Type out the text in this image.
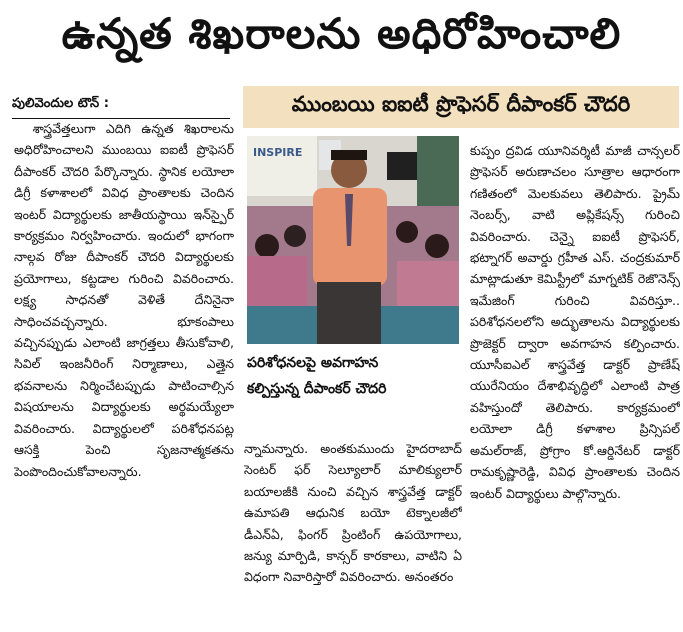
ఉన్నత శిఖరాలను అధిరోహించాలి
పులివెందుల టౌన్ :	ముంబయి ఐఐటీ ప్రొఫెసర్ దీపాంకర్ చౌదరి

శాస్త్రవేత్తలుగా ఎదిగి ఉన్నత శిఖరాలను అధిరోహించాలని ముంబయి ఐఐటీ ప్రొఫెసర్ దీపాంకర్ చౌదరి పేర్కొన్నారు. స్థానిక లయోలా డిగ్రీ కళాశాలలో వివిధ ప్రాంతాలకు చెందిన ఇంటర్ విద్యార్థులకు జాతీయస్థాయి ఇన్‌స్పైర్ కార్యక్రమం నిర్వహించారు. ఇందులో భాగంగా నాల్గవ రోజు దీపాంకర్ చౌదరి విద్యార్థులకు ప్రయోగాలు, కట్టడాల గురించి వివరించారు. లక్ష్య సాధనతో వెళితే దేనినైనా సాధించవచ్చన్నారు. భూకంపాలు వచ్చినప్పుడు ఎలాంటి జాగ్రత్తలు తీసుకోవాలి, సివిల్ ఇంజనీరింగ్ నిర్మాణాలు, ఎత్తైన భవనాలను నిర్మించేటప్పుడు పాటించాల్సిన విషయాలను విద్యార్థులకు అర్థమయ్యేలా వివరించారు. విద్యార్థులలో పరిశోధనపట్ల ఆసక్తి పెంచి సృజనాత్మకతను పెంపొందించుకోవాలన్నారు.

INSPIRE
పరిశోధనలపై అవగాహన
కల్పిస్తున్న దీపాంకర్ చౌదరి

న్నామన్నారు. అంతకుముందు హైదరాబాద్ సెంటర్ ఫర్ సెల్యూలార్ మాలిక్యులార్ బయాలజీకి నుంచి వచ్చిన శాస్త్రవేత్త డాక్టర్ ఉమాపతి ఆధునిక బయో టెక్నాలజీలో డీఎన్ఏ, ఫింగర్ ప్రింటింగ్ ఉపయోగాలు, జన్యు మార్పిడి, కాన్సర్ కారకాలు, వాటిని ఏ విధంగా నివారిస్తారో వివరించారు. అనంతరం

కుప్పం ద్రవిడ యూనివర్శిటీ మాజీ చాన్సలర్ ప్రొఫెసర్ అరుణాచలం సూత్రాల ఆధారంగా గణితంలో మెలకువలు తెలిపారు. ప్రైమ్ నెంబర్స్, వాటి అప్లికేషన్స్ గురించి వివరించారు. చెన్నై ఐఐటీ ప్రొఫెసర్, భట్నాగర్ అవార్డు గ్రహీత ఎస్. చంద్రకుమార్ మాట్లాడుతూ కెమిస్ట్రీలో మాగ్నటిక్ రెజొనెన్స్ ఇమేజింగ్ గురించి వివరిస్తూ.. పరిశోధనలలోని అద్భుతాలను విద్యార్థులకు ప్రొజెక్టర్ ద్వారా అవగాహన కల్పించారు. యూసీఐఎల్ శాస్త్రవేత్త డాక్టర్ ప్రాణేష్ యురేనియం దేశాభివృద్ధిలో ఎలాంటి పాత్ర వహిస్తుందో తెలిపారు. కార్యక్రమంలో లయోలా డిగ్రీ కళాశాల ప్రిన్సిపల్ అమల్‌రాజ్, ప్రోగ్రాం కో.ఆర్డినేటర్ డాక్టర్ రామకృష్ణారెడ్డి, వివిధ ప్రాంతాలకు చెందిన ఇంటర్ విద్యార్థులు పాల్గొన్నారు.
